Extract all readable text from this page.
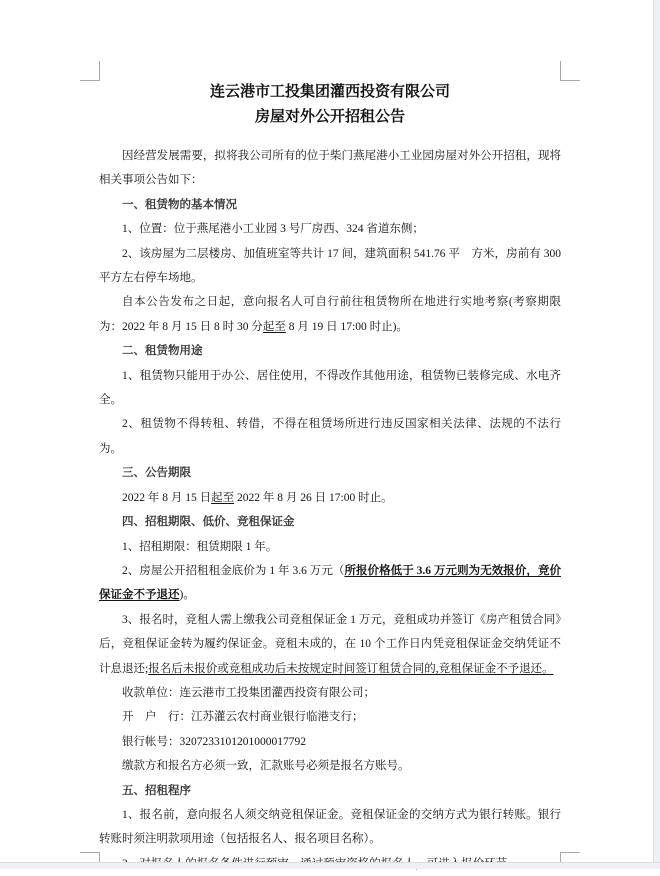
连云港市工投集团灌西投资有限公司
房屋对外公开招租公告

因经营发展需要，拟将我公司所有的位于柴门燕尾港小工业园房屋对外公开招租，现将相关事项公告如下：

一、租赁物的基本情况

1、位置：位于燕尾港小工业园 3 号厂房西、324 省道东侧；

2、该房屋为二层楼房、加值班室等共计 17 间，建筑面积 541.76 平　方米，房前有 300 平方左右停车场地。

自本公告发布之日起，意向报名人可自行前往租赁物所在地进行实地考察(考察期限为：2022 年 8 月 15 日 8 时 30 分起至 8 月 19 日 17:00 时止)。

二、租赁物用途

1、租赁物只能用于办公、居住使用，不得改作其他用途，租赁物已装修完成、水电齐全。

2、租赁物不得转租、转借，不得在租赁场所进行违反国家相关法律、法规的不法行为。

三、公告期限

2022 年 8 月 15 日起至 2022 年 8 月 26 日 17:00 时止。

四、招租期限、低价、竞租保证金

1、招租期限：租赁期限 1 年。

2、房屋公开招租租金底价为 1 年 3.6 万元（所报价格低于 3.6 万元则为无效报价，竞价保证金不予退还)。

3、报名时，竞租人需上缴我公司竞租保证金 1 万元，竞租成功并签订《房产租赁合同》后，竞租保证金转为履约保证金。竞租未成的，在 10 个工作日内凭竞租保证金交纳凭证不计息退还;报名后未报价或竞租成功后未按规定时间签订租赁合同的,竞租保证金不予退还。

收款单位：连云港市工投集团灌西投资有限公司；

开　户　行：江苏灌云农村商业银行临港支行；

银行帐号：3207233101201000017792

缴款方和报名方必须一致，汇款账号必须是报名方账号。

五、招租程序

1、报名前，意向报名人须交纳竞租保证金。竞租保证金的交纳方式为银行转账。银行转账时须注明款项用途（包括报名人、报名项目名称）。
